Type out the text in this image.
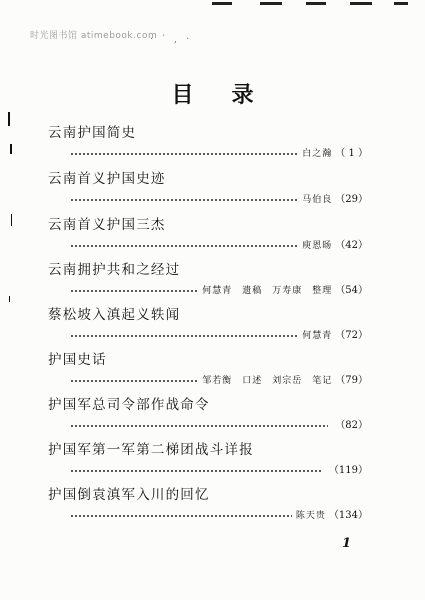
时光图书馆 atimebook.com
· ′ ‚ ·
目录
云南护国简史
白之瀚 （ 1 ）
云南首义护国史迹
马伯良 （29）
云南首义护国三杰
庾恩旸 （42）
云南拥护共和之经过
何慧青　遗稿　万寿康　整理 （54）
蔡松坡入滇起义轶闻
何慧青 （72）
护国史话
邹若衡　口述　刘宗岳　笔记 （79）
护国军总司令部作战命令
（82）
护国军第一军第二梯团战斗详报
（119）
护国倒袁滇军入川的回忆
陈天贵 （134）
1
